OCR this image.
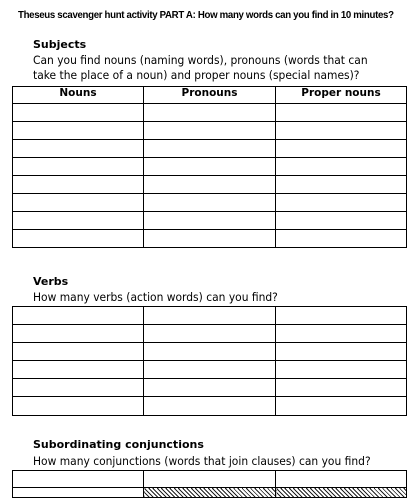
Theseus scavenger hunt activity PART A: How many words can you find in 10 minutes?
Subjects
Can you find nouns (naming words), pronouns (words that can take the place of a noun) and proper nouns (special names)?
Nouns	Pronouns	Proper nouns

Verbs
How many verbs (action words) can you find?

Subordinating conjunctions
How many conjunctions (words that join clauses) can you find?
